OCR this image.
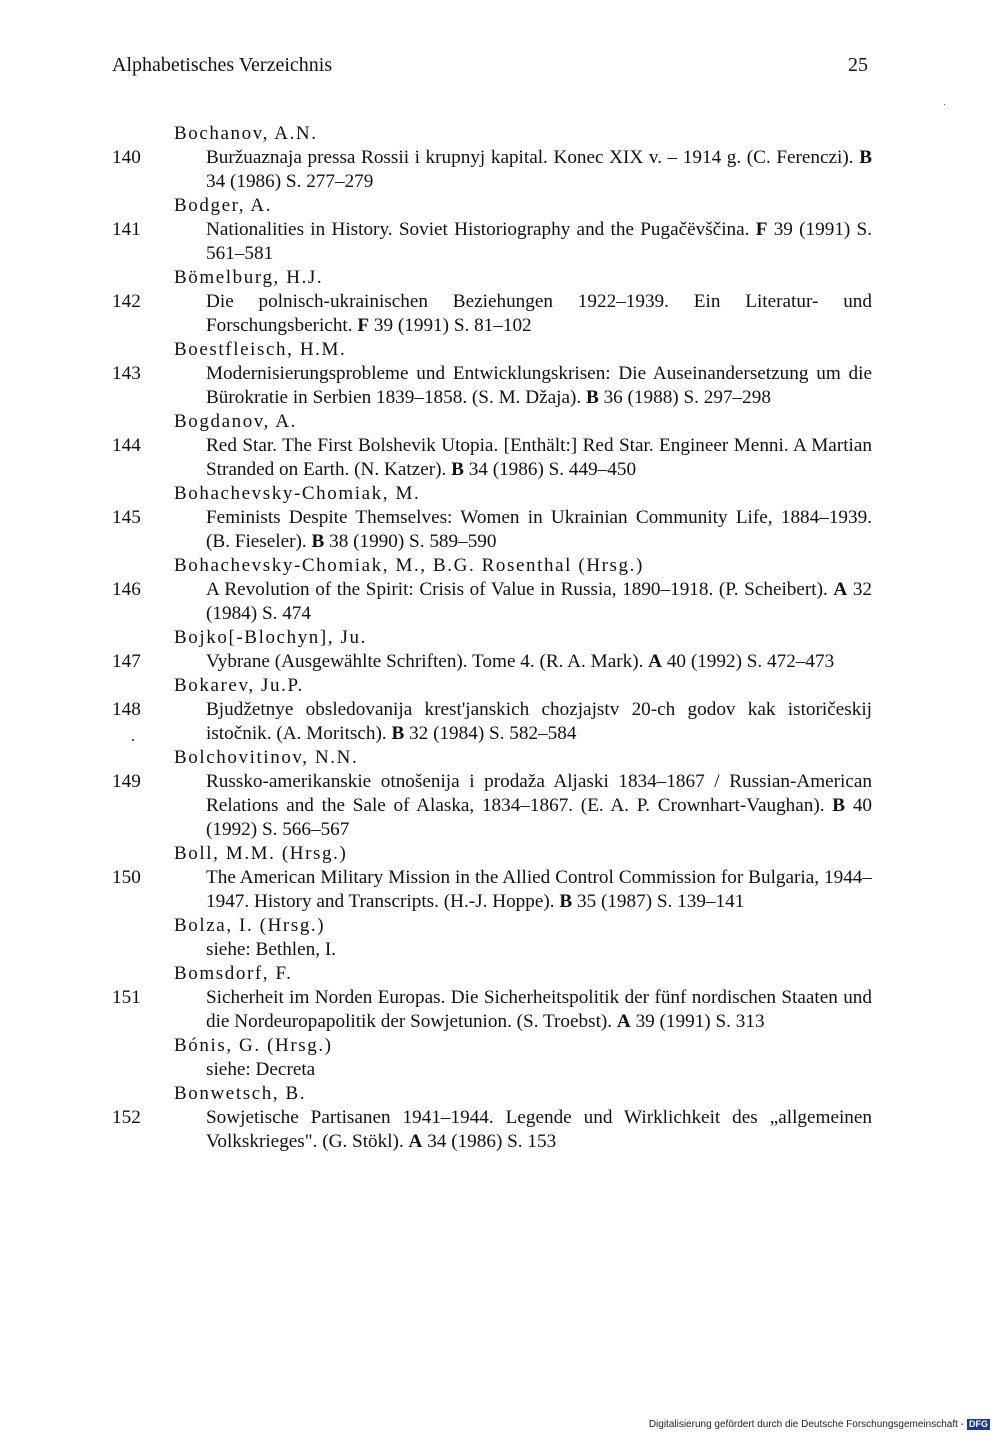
Alphabetisches Verzeichnis	25
Bochanov, A.N.
140	Buržuaznaja pressa Rossii i krupnyj kapital. Konec XIX v. – 1914 g. (C. Ferenczi). B 34 (1986) S. 277–279
Bodger, A.
141	Nationalities in History. Soviet Historiography and the Pugačëvščina. F 39 (1991) S. 561–581
Bömelburg, H.J.
142	Die polnisch-ukrainischen Beziehungen 1922–1939. Ein Literatur- und Forschungsbericht. F 39 (1991) S. 81–102
Boestfleisch, H.M.
143	Modernisierungsprobleme und Entwicklungskrisen: Die Auseinandersetzung um die Bürokratie in Serbien 1839–1858. (S. M. Džaja). B 36 (1988) S. 297–298
Bogdanov, A.
144	Red Star. The First Bolshevik Utopia. [Enthält:] Red Star. Engineer Menni. A Martian Stranded on Earth. (N. Katzer). B 34 (1986) S. 449–450
Bohachevsky-Chomiak, M.
145	Feminists Despite Themselves: Women in Ukrainian Community Life, 1884–1939. (B. Fieseler). B 38 (1990) S. 589–590
Bohachevsky-Chomiak, M., B.G. Rosenthal (Hrsg.)
146	A Revolution of the Spirit: Crisis of Value in Russia, 1890–1918. (P. Scheibert). A 32 (1984) S. 474
Bojko[-Blochyn], Ju.
147	Vybrane (Ausgewählte Schriften). Tome 4. (R. A. Mark). A 40 (1992) S. 472–473
Bokarev, Ju.P.
148	Bjudžetnye obsledovanija krest'janskich chozjajstv 20-ch godov kak istoričeskij istočnik. (A. Moritsch). B 32 (1984) S. 582–584
Bolchovitinov, N.N.
149	Russko-amerikanskie otnošenija i prodaža Aljaski 1834–1867 / Russian-American Relations and the Sale of Alaska, 1834–1867. (E. A. P. Crownhart-Vaughan). B 40 (1992) S. 566–567
Boll, M.M. (Hrsg.)
150	The American Military Mission in the Allied Control Commission for Bulgaria, 1944–1947. History and Transcripts. (H.-J. Hoppe). B 35 (1987) S. 139–141
Bolza, I. (Hrsg.)
siehe: Bethlen, I.
Bomsdorf, F.
151	Sicherheit im Norden Europas. Die Sicherheitspolitik der fünf nordischen Staaten und die Nordeuropapolitik der Sowjetunion. (S. Troebst). A 39 (1991) S. 313
Bónis, G. (Hrsg.)
siehe: Decreta
Bonwetsch, B.
152	Sowjetische Partisanen 1941–1944. Legende und Wirklichkeit des „allgemeinen Volkskrieges". (G. Stökl). A 34 (1986) S. 153
Digitalisierung gefördert durch die Deutsche Forschungsgemeinschaft - DFG
